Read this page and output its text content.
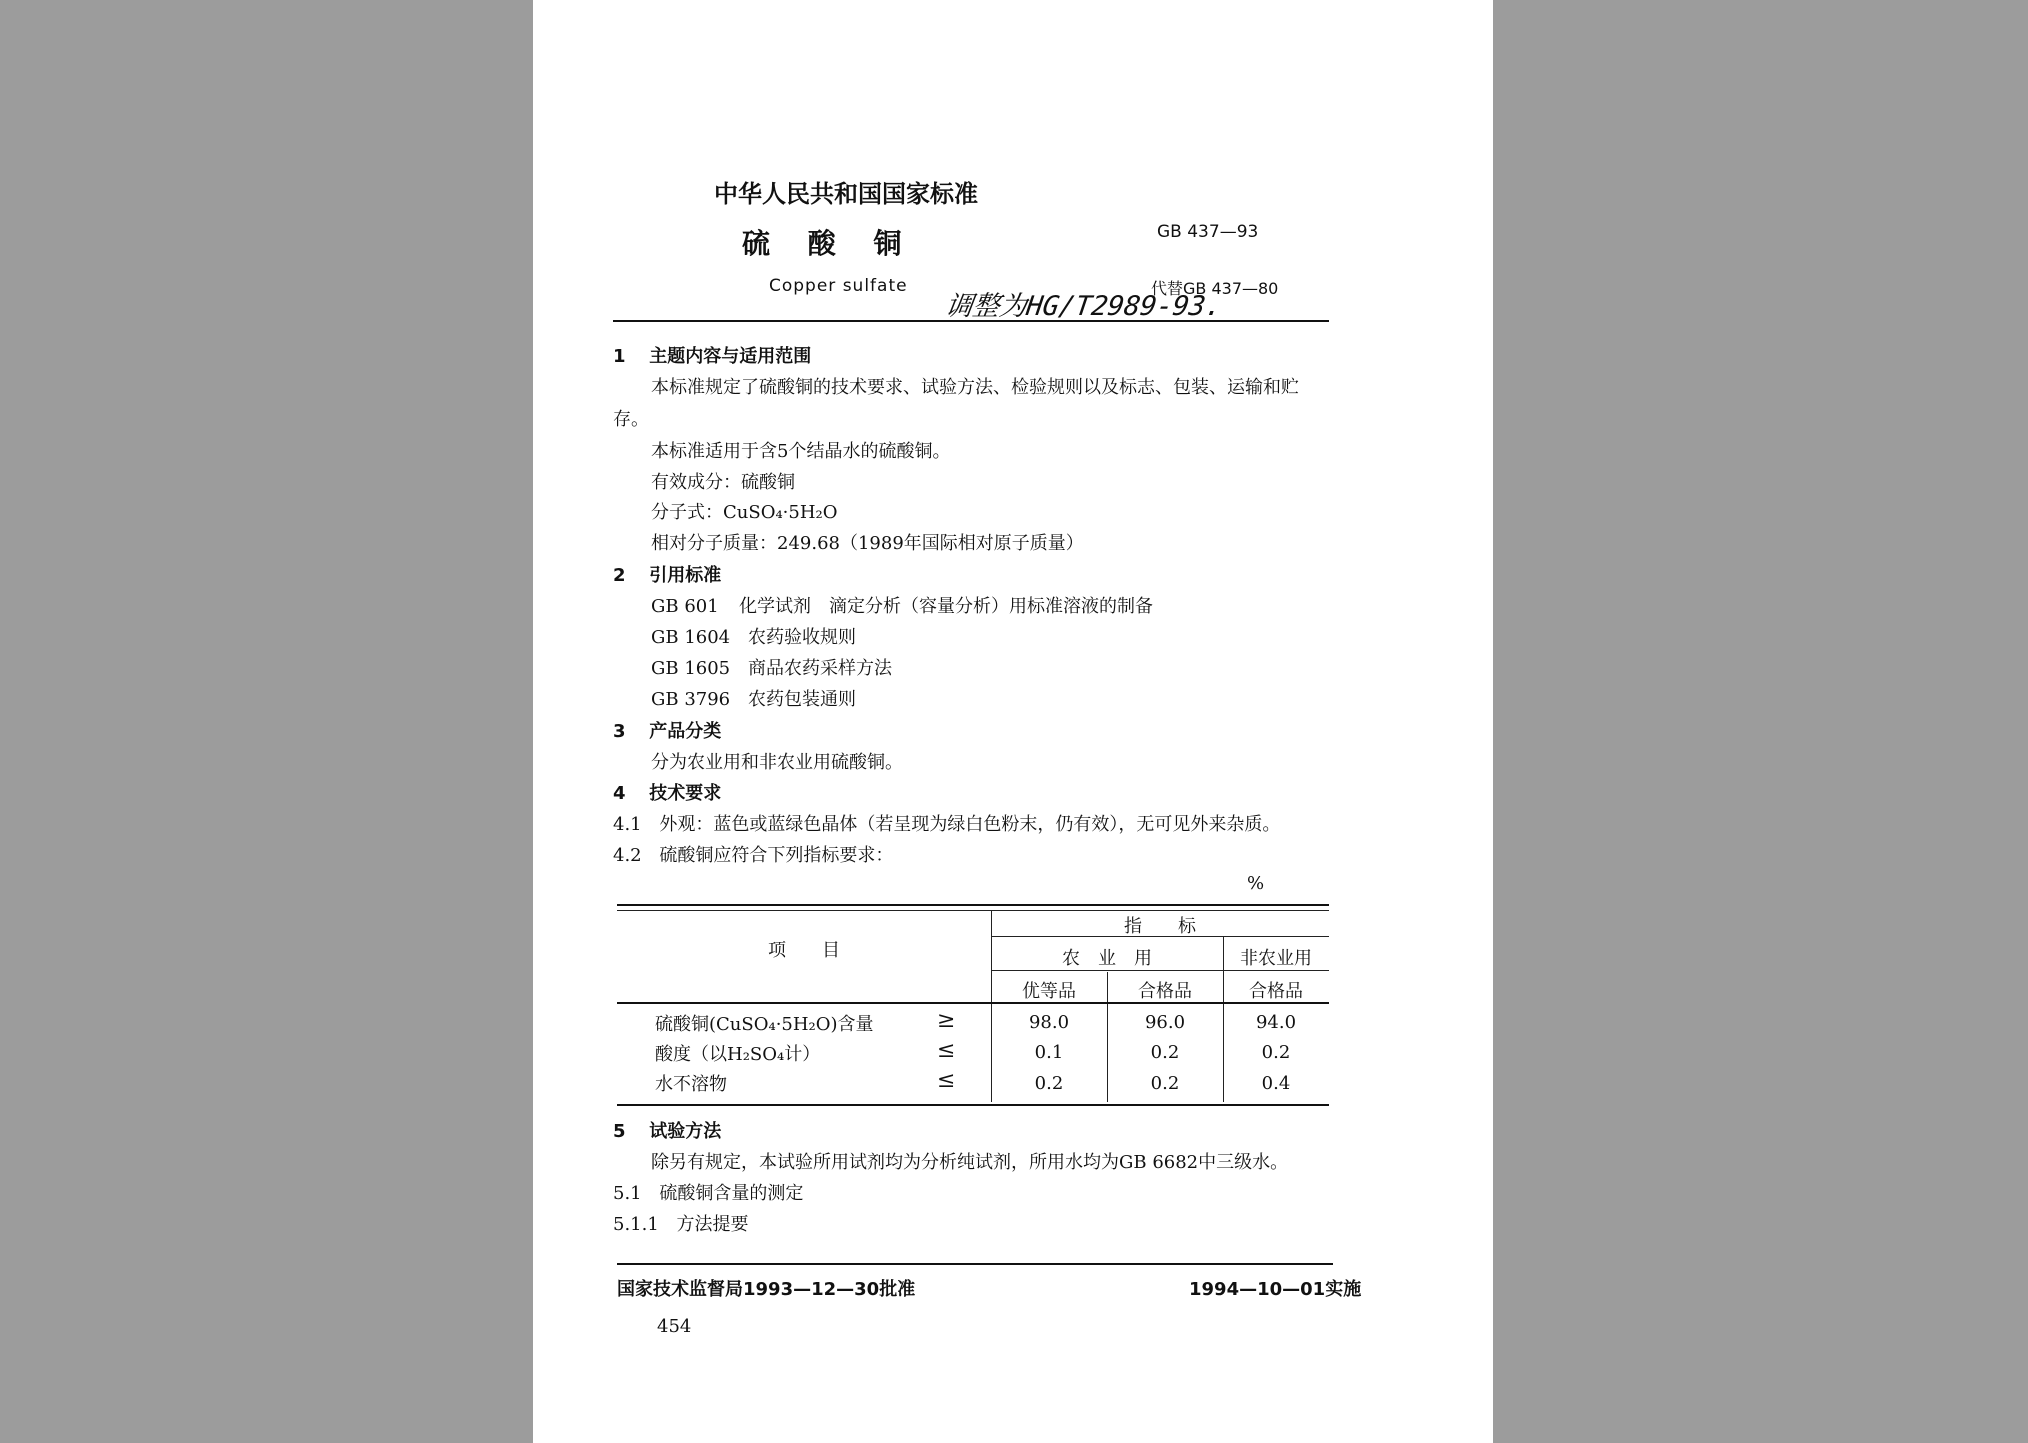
中华人民共和国国家标准
硫 酸 铜	GB 437—93
Copper sulfate
调整为HG/T2989-93.
代替GB 437—80
1 主题内容与适用范围
本标准规定了硫酸铜的技术要求、试验方法、检验规则以及标志、包装、运输和贮
存。
本标准适用于含5个结晶水的硫酸铜。
有效成分：硫酸铜
分子式：CuSO₄·5H₂O
相对分子质量：249.68（1989年国际相对原子质量）
2 引用标准
GB 601 化学试剂　滴定分析（容量分析）用标准溶液的制备
GB 1604 农药验收规则
GB 1605 商品农药采样方法
GB 3796 农药包装通则
3 产品分类
分为农业用和非农业用硫酸铜。
4 技术要求
4.1 外观：蓝色或蓝绿色晶体（若呈现为绿白色粉末，仍有效），无可见外来杂质。
4.2 硫酸铜应符合下列指标要求：
%
项　　目
指　　标
农　业　用	非农业用
优等品	合格品	合格品
硫酸铜(CuSO₄·5H₂O)含量	≥	98.0	96.0	94.0
酸度（以H₂SO₄计）	≤	0.1	0.2	0.2
水不溶物	≤	0.2	0.2	0.4
5 试验方法
除另有规定，本试验所用试剂均为分析纯试剂，所用水均为GB 6682中三级水。
5.1 硫酸铜含量的测定
5.1.1 方法提要
国家技术监督局1993—12—30批准	1994—10—01实施
454
